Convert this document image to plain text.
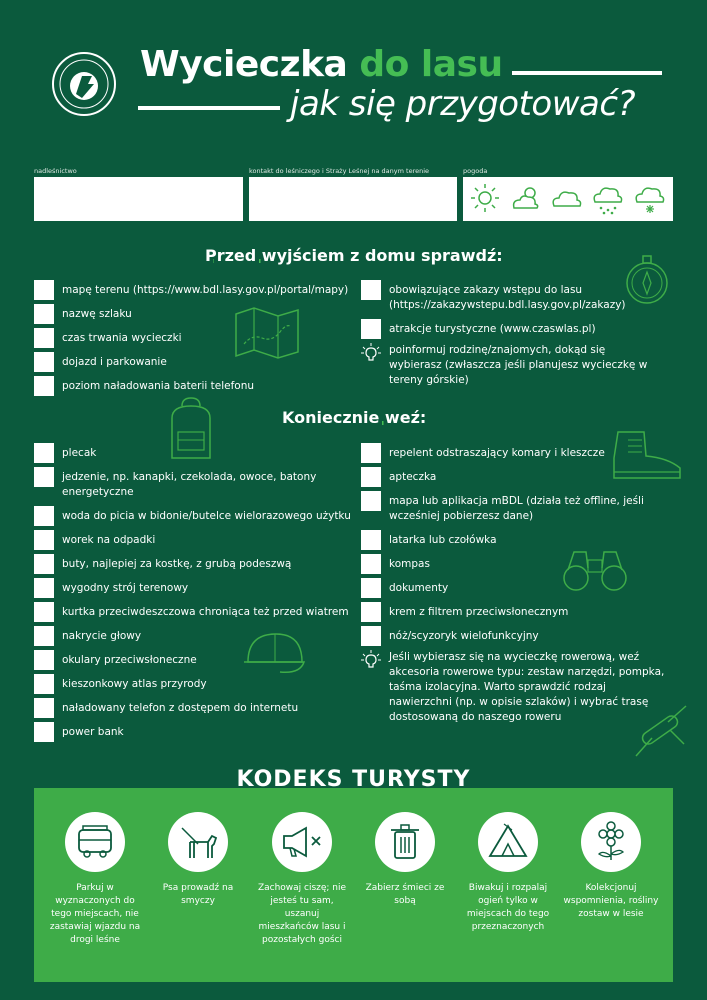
Wycieczka do lasu
jak się przygotować?
nadleśnictwo	kontakt do leśniczego i Straży Leśnej na danym terenie	pogoda
Przed wyjściem z domu sprawdź:
mapę terenu (https://www.bdl.lasy.gov.pl/portal/mapy)
nazwę szlaku
czas trwania wycieczki
dojazd i parkowanie
poziom naładowania baterii telefonu
obowiązujące zakazy wstępu do lasu (https://zakazywstepu.bdl.lasy.gov.pl/zakazy)
atrakcje turystyczne (www.czaswlas.pl)
poinformuj rodzinę/znajomych, dokąd się wybierasz (zwłaszcza jeśli planujesz wycieczkę w tereny górskie)
Koniecznie weź:
plecak
jedzenie, np. kanapki, czekolada, owoce, batony energetyczne
woda do picia w bidonie/butelce wielorazowego użytku
worek na odpadki
buty, najlepiej za kostkę, z grubą podeszwą
wygodny strój terenowy
kurtka przeciwdeszczowa chroniąca też przed wiatrem
nakrycie głowy
okulary przeciwsłoneczne
kieszonkowy atlas przyrody
naładowany telefon z dostępem do internetu
power bank
repelent odstraszający komary i kleszcze
apteczka
mapa lub aplikacja mBDL (działa też offline, jeśli wcześniej pobierzesz dane)
latarka lub czołówka
kompas
dokumenty
krem z filtrem przeciwsłonecznym
nóż/scyzoryk wielofunkcyjny
Jeśli wybierasz się na wycieczkę rowerową, weź akcesoria rowerowe typu: zestaw narzędzi, pompka, taśma izolacyjna. Warto sprawdzić rodzaj nawierzchni (np. w opisie szlaków) i wybrać trasę dostosowaną do naszego roweru
KODEKS TURYSTY
Parkuj w wyznaczonych do tego miejscach, nie zastawiaj wjazdu na drogi leśne
Psa prowadź na smyczy
Zachowaj ciszę; nie jesteś tu sam, uszanuj mieszkańców lasu i pozostałych gości
Zabierz śmieci ze sobą
Biwakuj i rozpalaj ogień tylko w miejscach do tego przeznaczonych
Kolekcjonuj wspomnienia, rośliny zostaw w lesie
